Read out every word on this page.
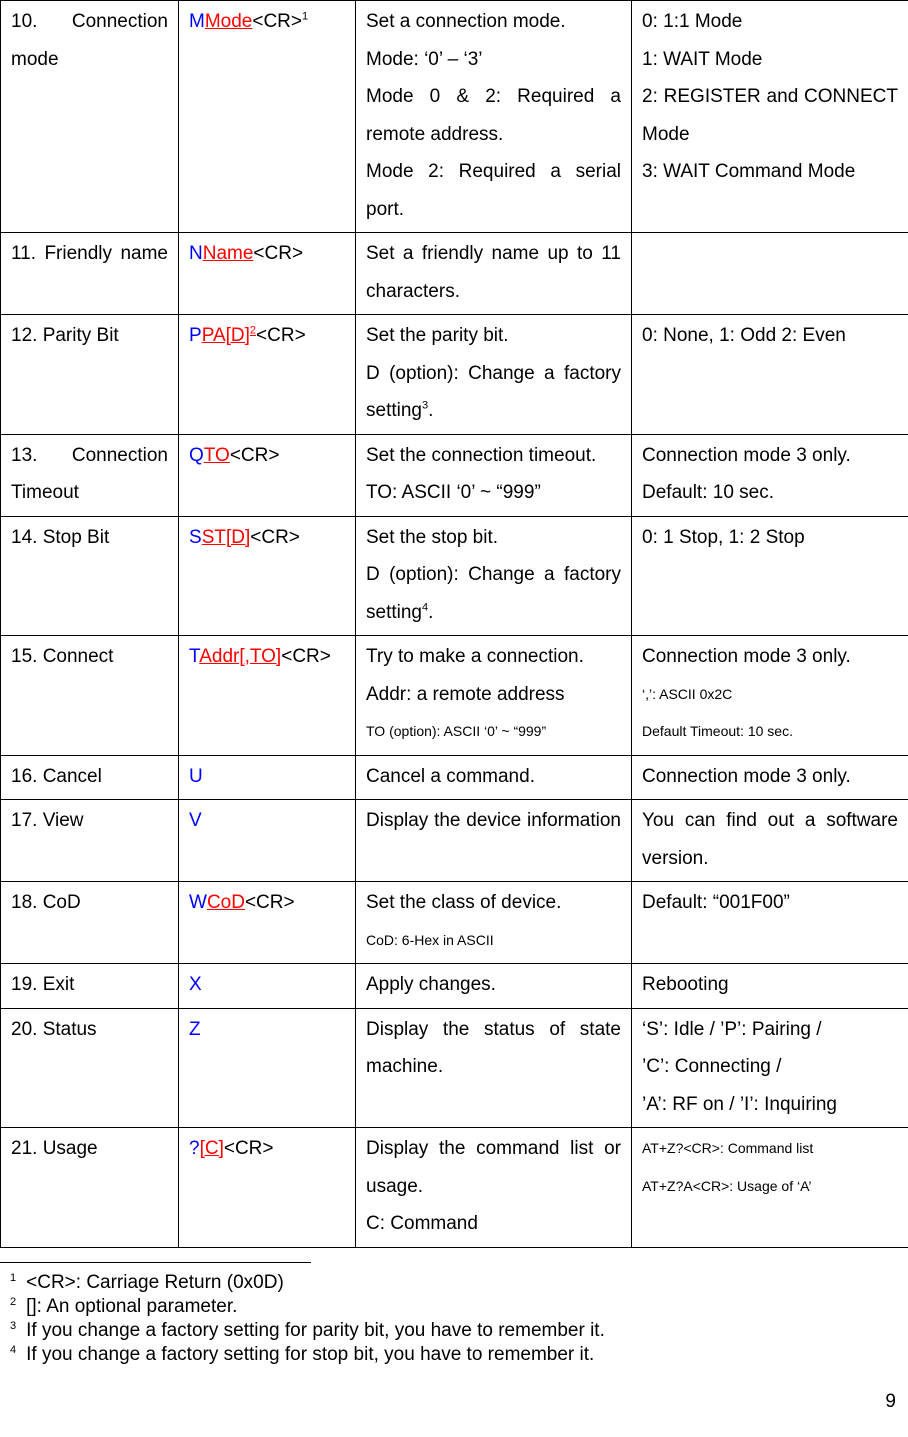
10. Connection mode	MMode<CR>$^1$	Set a connection mode.
Mode: ‘0’ – ‘3’
Mode 0 & 2: Required a remote address.
Mode 2: Required a serial port.	0: 1:1 Mode
1: WAIT Mode
2: REGISTER and CONNECT Mode
3: WAIT Command Mode

11. Friendly name	NName<CR>	Set a friendly name up to 11 characters.	
12. Parity Bit	$PPA[D]^2<CR>$	Set the parity bit.
D (option): Change a factory setting$^3$.	0: None, 1: Odd 2: Even

13. Connection Timeout	QTO<CR>	Set the connection timeout.
TO: ASCII ‘0’ ~ “999”	Connection mode 3 only.
Default: 10 sec.

14. Stop Bit	SST[D]<CR>	Set the stop bit.
D (option): Change a factory setting$^4$.	0: 1 Stop, 1: 2 Stop

15. Connect	TAddr[,TO]<CR>	Try to make a connection.
Addr: a remote address
TO (option): ASCII ‘0’ ~ “999”	Connection mode 3 only.
‘,’: ASCII 0x2C
Default Timeout: 10 sec.

16. Cancel	U	Cancel a command.	Connection mode 3 only.
17. View	V	Display the device information	You can find out a software version.
18. CoD	WCoD<CR>	Set the class of device.
CoD: 6-Hex in ASCII	Default: “001F00”
19. Exit	X	Apply changes.	Rebooting
20. Status	Z	Display the status of state machine.	‘S’: Idle / ’P’: Pairing /
’C’: Connecting /
’A’: RF on / ’I’: Inquiring

21. Usage	?[C]<CR>	Display the command list or usage.
C: Command	AT+Z?<CR>: Command list
AT+Z?A<CR>: Usage of ‘A’
$^1$ <CR>: Carriage Return (0x0D)
$^2$ []: An optional parameter.
$^3$ If you change a factory setting for parity bit, you have to remember it.
$^4$ If you change a factory setting for stop bit, you have to remember it.
9
